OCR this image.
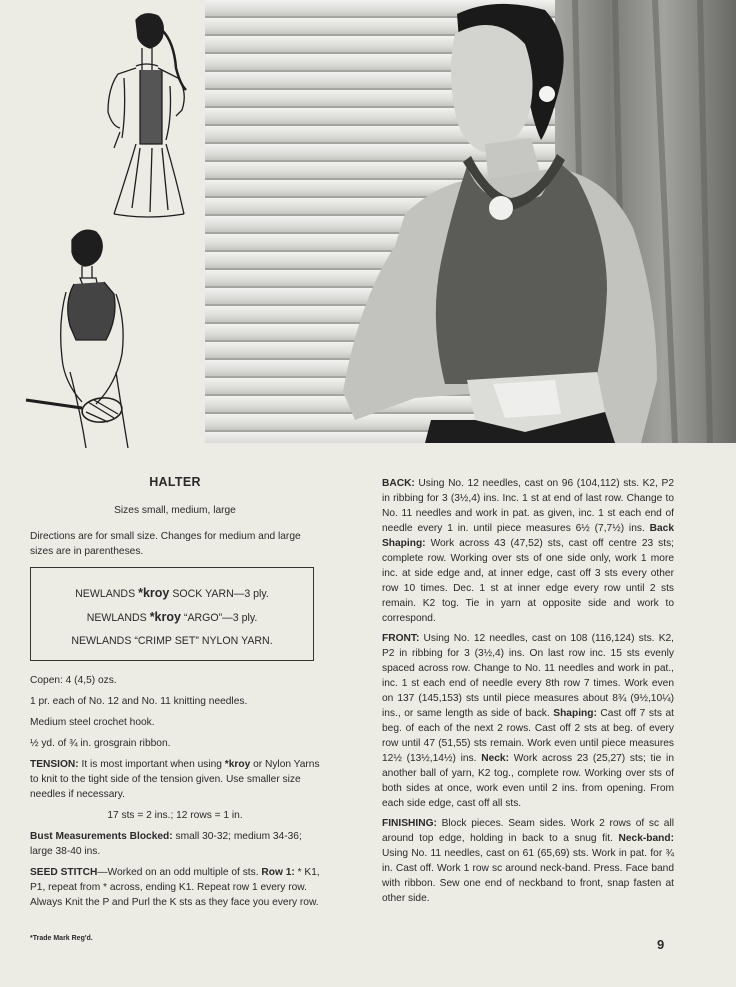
HALTER
Sizes small, medium, large

Directions are for small size. Changes for medium and large sizes are in parentheses.

NEWLANDS *kroy SOCK YARN—3 ply.
NEWLANDS *kroy “ARGO”—3 ply.
NEWLANDS “CRIMP SET” NYLON YARN.

Copen: 4 (4,5) ozs.

1 pr. each of No. 12 and No. 11 knitting needles.

Medium steel crochet hook.

½ yd. of ¾ in. grosgrain ribbon.

TENSION: It is most important when using *kroy or Nylon Yarns to knit to the tight side of the tension given. Use smaller size needles if necessary.

17 sts = 2 ins.; 12 rows = 1 in.

Bust Measurements Blocked: small 30-32; medium 34-36; large 38-40 ins.

SEED STITCH—Worked on an odd multiple of sts. Row 1: * K1, P1, repeat from * across, ending K1. Repeat row 1 every row. Always Knit the P and Purl the K sts as they face you every row.

BACK: Using No. 12 needles, cast on 96 (104,112) sts. K2, P2 in ribbing for 3 (3½,4) ins. Inc. 1 st at end of last row. Change to No. 11 needles and work in pat. as given, inc. 1 st each end of needle every 1 in. until piece measures 6½ (7,7½) ins. Back Shaping: Work across 43 (47,52) sts, cast off centre 23 sts; complete row. Working over sts of one side only, work 1 more inc. at side edge and, at inner edge, cast off 3 sts every other row 10 times. Dec. 1 st at inner edge every row until 2 sts remain. K2 tog. Tie in yarn at opposite side and work to correspond.

FRONT: Using No. 12 needles, cast on 108 (116,124) sts. K2, P2 in ribbing for 3 (3½,4) ins. On last row inc. 15 sts evenly spaced across row. Change to No. 11 needles and work in pat., inc. 1 st each end of needle every 8th row 7 times. Work even on 137 (145,153) sts until piece measures about 8¾ (9½,10¼) ins., or same length as side of back. Shaping: Cast off 7 sts at beg. of each of the next 2 rows. Cast off 2 sts at beg. of every row until 47 (51,55) sts remain. Work even until piece measures 12½ (13½,14½) ins. Neck: Work across 23 (25,27) sts; tie in another ball of yarn, K2 tog., complete row. Working over sts of both sides at once, work even until 2 ins. from opening. From each side edge, cast off all sts.

FINISHING: Block pieces. Seam sides. Work 2 rows of sc all around top edge, holding in back to a snug fit. Neck-band: Using No. 11 needles, cast on 61 (65,69) sts. Work in pat. for ¾ in. Cast off. Work 1 row sc around neck-band. Press. Face band with ribbon. Sew one end of neckband to front, snap fasten at other side.

*Trade Mark Reg'd.	9
